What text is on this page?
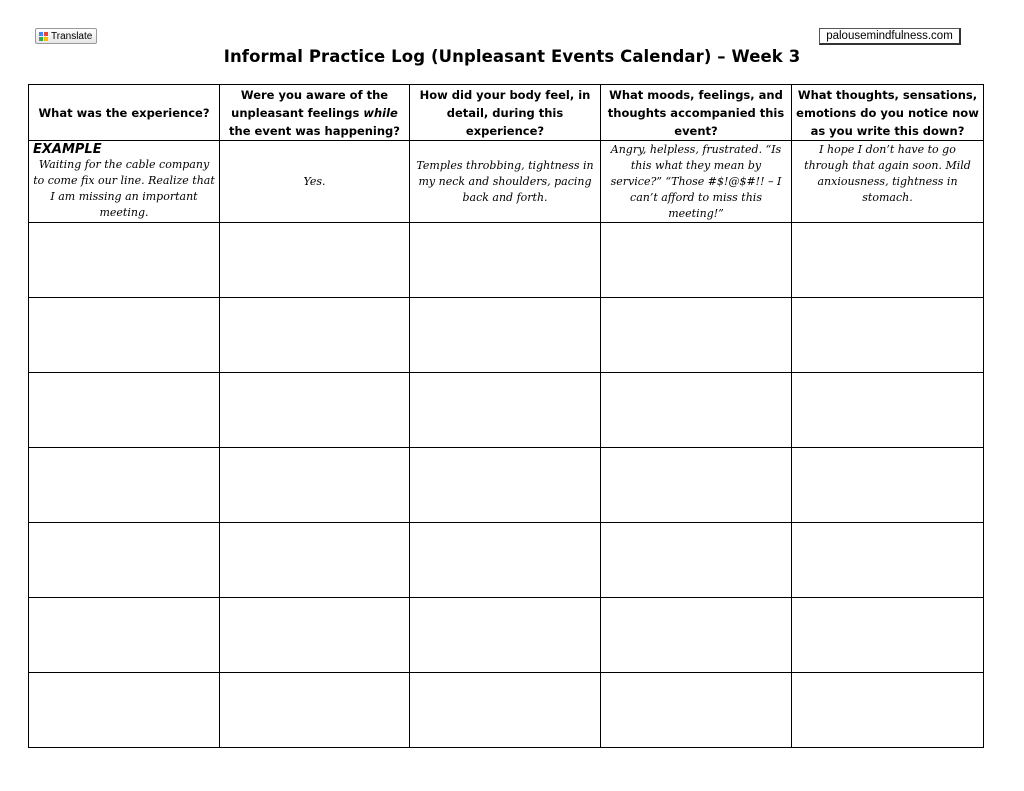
Translate	palousemindfulness.com
Informal Practice Log (Unpleasant Events Calendar) – Week 3
What was the experience?	Were you aware of the unpleasant feelings while the event was happening?	How did your body feel, in detail, during this experience?	What moods, feelings, and thoughts accompanied this event?	What thoughts, sensations, emotions do you notice now as you write this down?

EXAMPLE
Waiting for the cable company to come fix our line. Realize that I am missing an important meeting.	Yes.	Temples throbbing, tightness in my neck and shoulders, pacing back and forth.	Angry, helpless, frustrated. “Is this what they mean by service?” “Those #$!@$#!! – I can’t afford to miss this meeting!”	I hope I don’t have to go through that again soon. Mild anxiousness, tightness in stomach.
